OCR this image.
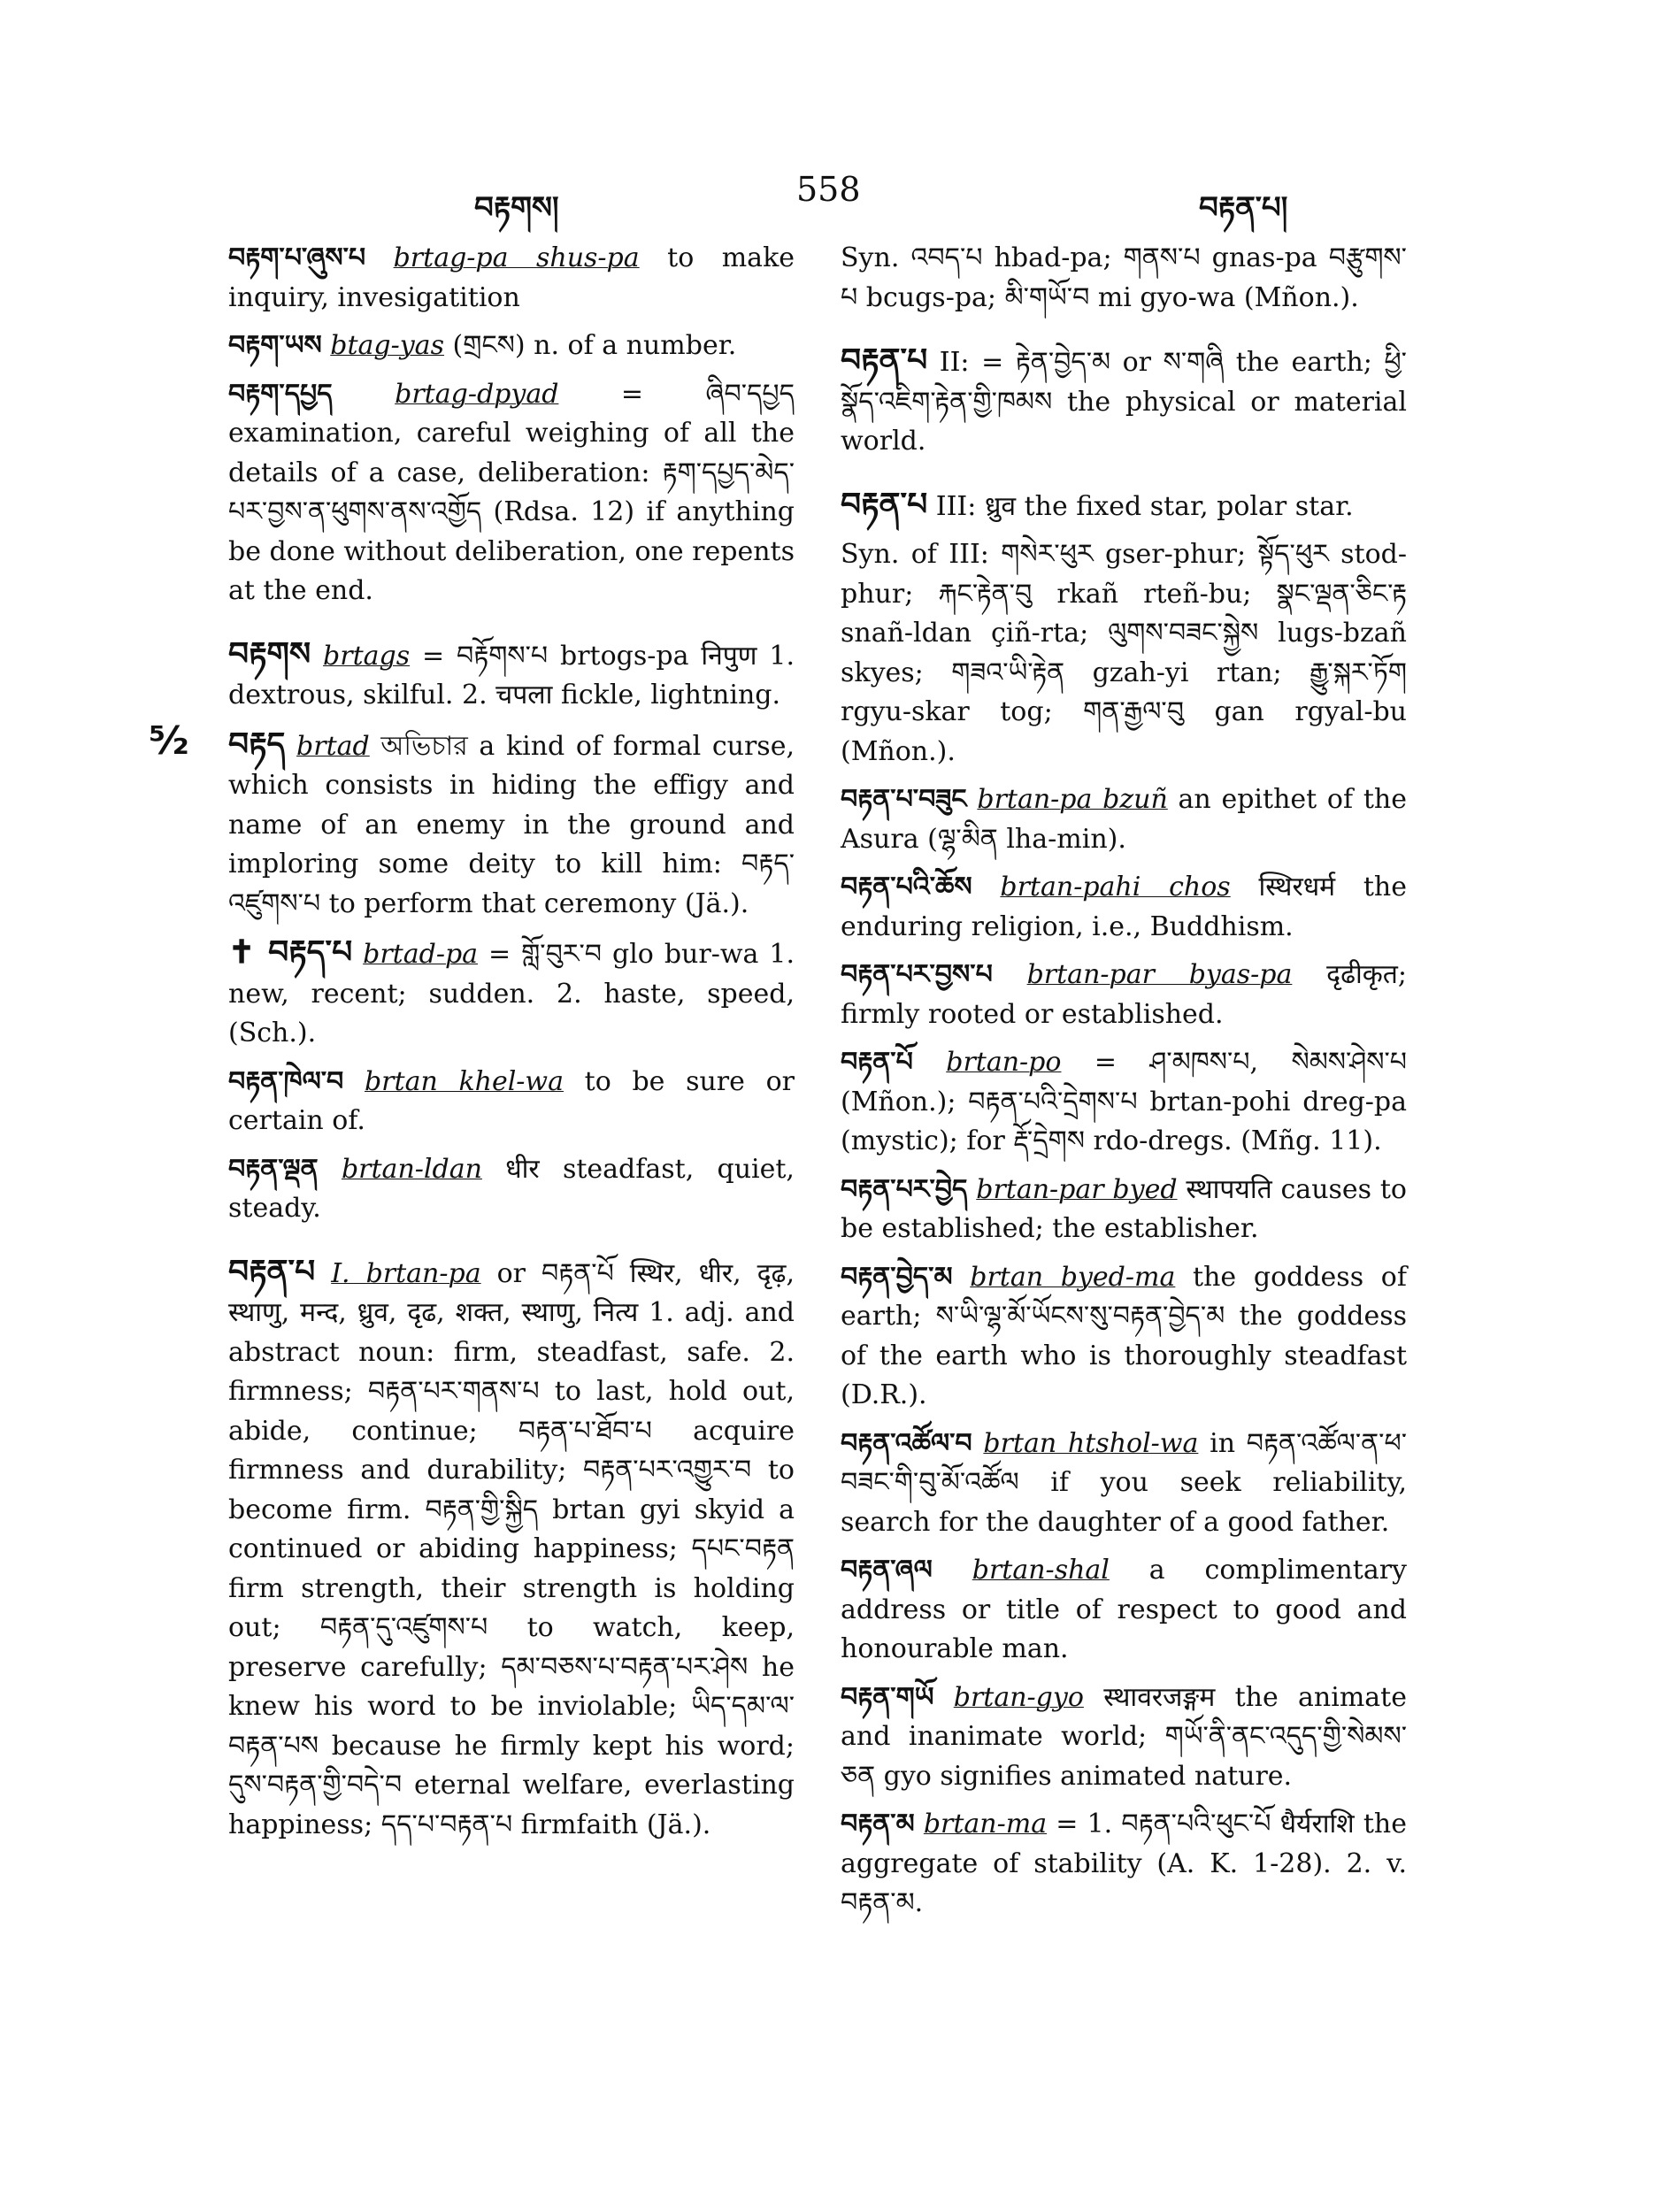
བརྟགས།	558	བརྟན་པ།
⁵⁄₂

བརྟག་པ་ཞུས་པ brtag-pa shus-pa to make inquiry, invesigatition

བརྟག་ཡས btag-yas (གྲངས) n. of a number.

བརྟག་དཔྱད brtag-dpyad = ཞིབ་དཔྱད examination, careful weighing of all the details of a case, deliberation: རྟག་དཔྱད་མེད་པར་བྱས་ན་ཕུགས་ནས་འགྱོད (Rdsa. 12) if anything be done without deliberation, one repents at the end.

བརྟགས brtags = བརྟོགས་པ brtogs-pa निपुण 1. dextrous, skilful. 2. चपला fickle, lightning.

བརྟད brtad অভিচার a kind of formal curse, which consists in hiding the effigy and name of an enemy in the ground and imploring some deity to kill him: བརྟད་འཛུགས་པ to perform that ceremony (Jä.).

✝ བརྟད་པ brtad-pa = གློ་བུར་བ glo bur-wa 1. new, recent; sudden. 2. haste, speed, (Sch.).

བརྟན་ཁེལ་བ brtan khel-wa to be sure or certain of.

བརྟན་ལྡན brtan-ldan धीर steadfast, quiet, steady.

བརྟན་པ I. brtan-pa or བརྟན་པོ स्थिर, धीर, दृढ़, स्थाणु, मन्द, ध्रुव, दृढ, शक्त, स्थाणु, नित्य 1. adj. and abstract noun: firm, steadfast, safe. 2. firmness; བརྟན་པར་གནས་པ to last, hold out, abide, continue; བརྟན་པ་ཐོབ་པ acquire firmness and durability; བརྟན་པར་འགྱུར་བ to become firm. བརྟན་གྱི་སྐྱིད brtan gyi skyid a continued or abiding happiness; དཔང་བརྟན firm strength, their strength is holding out; བརྟན་དུ་འཛུགས་པ to watch, keep, preserve carefully; དམ་བཅས་པ་བརྟན་པར་ཤེས he knew his word to be inviolable; ཡིད་དམ་ལ་བརྟན་པས because he firmly kept his word; དུས་བརྟན་གྱི་བདེ་བ eternal welfare, everlasting happiness; དད་པ་བརྟན་པ firmfaith (Jä.).

Syn. འབད་པ hbad-pa; གནས་པ gnas-pa བརྩུགས་པ bcugs-pa; མི་གཡོ་བ mi gyo-wa (Mñon.).

བརྟན་པ II: = རྟེན་བྱེད་མ or ས་གཞི the earth; ཕྱི་སྣོད་འཇིག་རྟེན་གྱི་ཁམས the physical or material world.

བརྟན་པ III: ध्रुव the fixed star, polar star.

Syn. of III: གསེར་ཕུར gser-phur; སྟོད་ཕུར stod-phur; རྐང་རྟེན་བུ rkañ rteñ-bu; སྣང་ལྡན་ཅིང་རྟ snañ-ldan çiñ-rta; ལུགས་བཟང་སྐྱེས lugs-bzañ skyes; གཟའ་ཡི་རྟེན gzah-yi rtan; རྒྱུ་སྐར་ཏོག rgyu-skar tog; གན་རྒྱལ་བུ gan rgyal-bu (Mñon.).

བརྟན་པ་བཟུང brtan-pa bzuñ an epithet of the Asura (ལྷ་མིན lha-min).

བརྟན་པའི་ཆོས brtan-pahi chos स्थिरधर्म the enduring religion, i.e., Buddhism.

བརྟན་པར་བྱས་པ brtan-par byas-pa दृढीकृत; firmly rooted or established.

བརྟན་པོ brtan-po = ཤ་མཁས་པ, སེམས་ཤེས་པ (Mñon.); བརྟན་པའི་དྲེགས་པ brtan-pohi dreg-pa (mystic); for རྡོ་དྲེགས rdo-dregs. (Mñg. 11).

བརྟན་པར་བྱེད brtan-par byed स्थापयति causes to be established; the establisher.

བརྟན་བྱེད་མ brtan byed-ma the goddess of earth; ས་ཡི་ལྷ་མོ་ཡོངས་སུ་བརྟན་བྱེད་མ the goddess of the earth who is thoroughly steadfast (D.R.).

བརྟན་འཚོལ་བ brtan htshol-wa in བརྟན་འཚོལ་ན་ཕ་བཟང་གི་བུ་མོ་འཚོལ if you seek reliability, search for the daughter of a good father.

བརྟན་ཞལ brtan-shal a complimentary address or title of respect to good and honourable man.

བརྟན་གཡོ brtan-gyo स्थावरजङ्गम the animate and inanimate world; གཡོ་ནི་ནང་འདུད་གྱི་སེམས་ཅན gyo signifies animated nature.

བརྟན་མ brtan-ma = 1. བརྟན་པའི་ཕུང་པོ धैर्यराशि the aggregate of stability (A. K. 1-28). 2. v. བརྟན་མ.
